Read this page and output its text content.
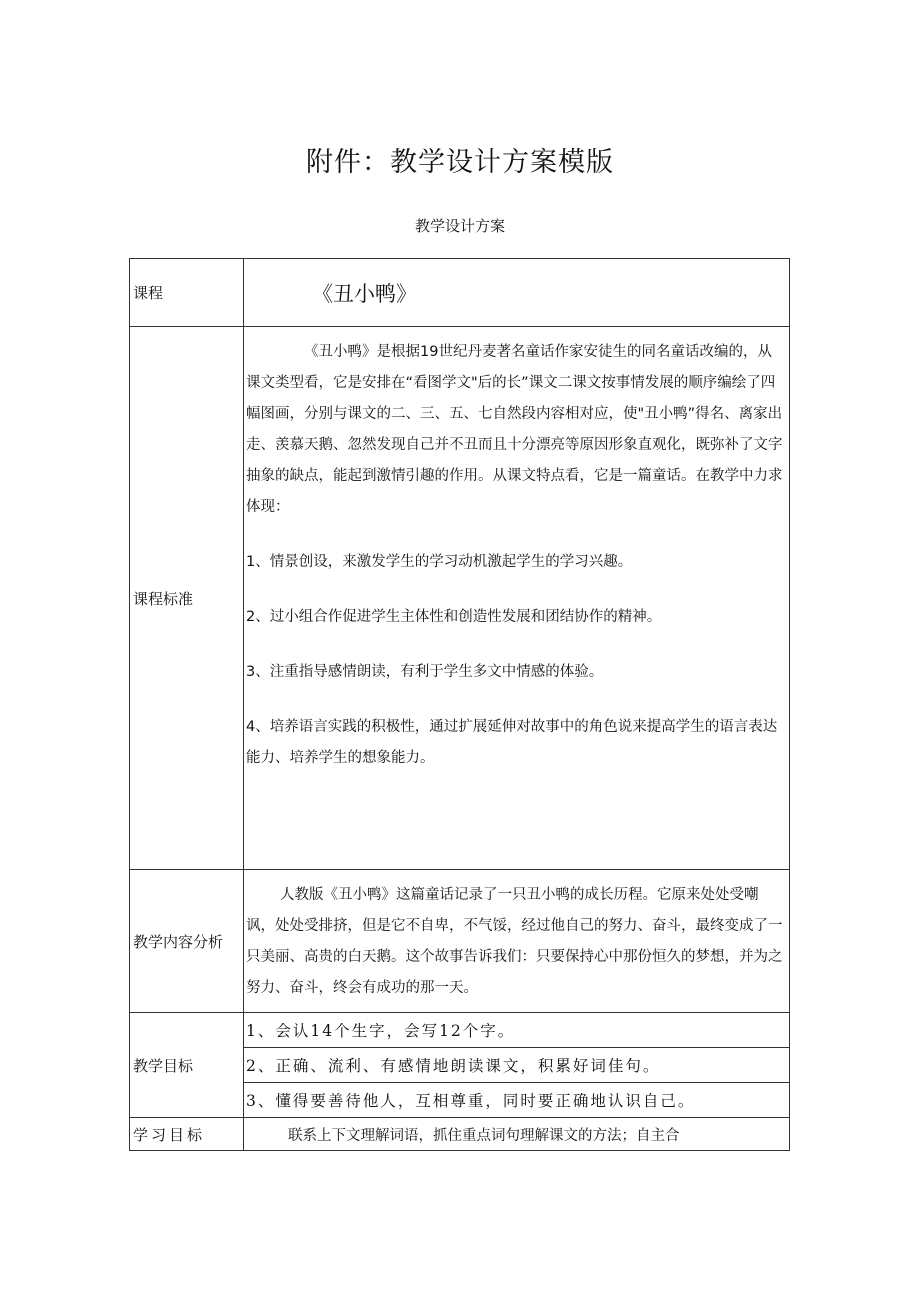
附件：教学设计方案模版
教学设计方案
课程	《丑小鸭》
课程标准	《丑小鸭》是根据19世纪丹麦著名童话作家安徒生的同名童话改编的，从课文类型看，它是安排在“看图学文"后的长”课文二课文按事情发展的顺序编绘了四幅图画，分别与课文的二、三、五、七自然段内容相对应，使"丑小鸭”得名、离家出走、羡慕天鹅、忽然发现自己并不丑而且十分漂亮等原因形象直观化，既弥补了文字抽象的缺点，能起到激情引趣的作用。从课文特点看，它是一篇童话。在教学中力求体现：

1、情景创设，来激发学生的学习动机激起学生的学习兴趣。

2、过小组合作促进学生主体性和创造性发展和团结协作的精神。

3、注重指导感情朗读，有利于学生多文中情感的体验。

4、培养语言实践的积极性，通过扩展延伸对故事中的角色说来提高学生的语言表达能力、培养学生的想象能力。

教学内容分析	人教版《丑小鸭》这篇童话记录了一只丑小鸭的成长历程。它原来处处受嘲讽，处处受排挤，但是它不自卑，不气馁，经过他自己的努力、奋斗，最终变成了一只美丽、高贵的白天鹅。这个故事告诉我们：只要保持心中那份恒久的梦想，并为之努力、奋斗，终会有成功的那一天。

教学目标	1、会认14个生字，会写12个字。
	2、正确、流利、有感情地朗读课文，积累好词佳句。
	3、懂得要善待他人，互相尊重，同时要正确地认识自己。
学习目标	联系上下文理解词语，抓住重点词句理解课文的方法；自主合
